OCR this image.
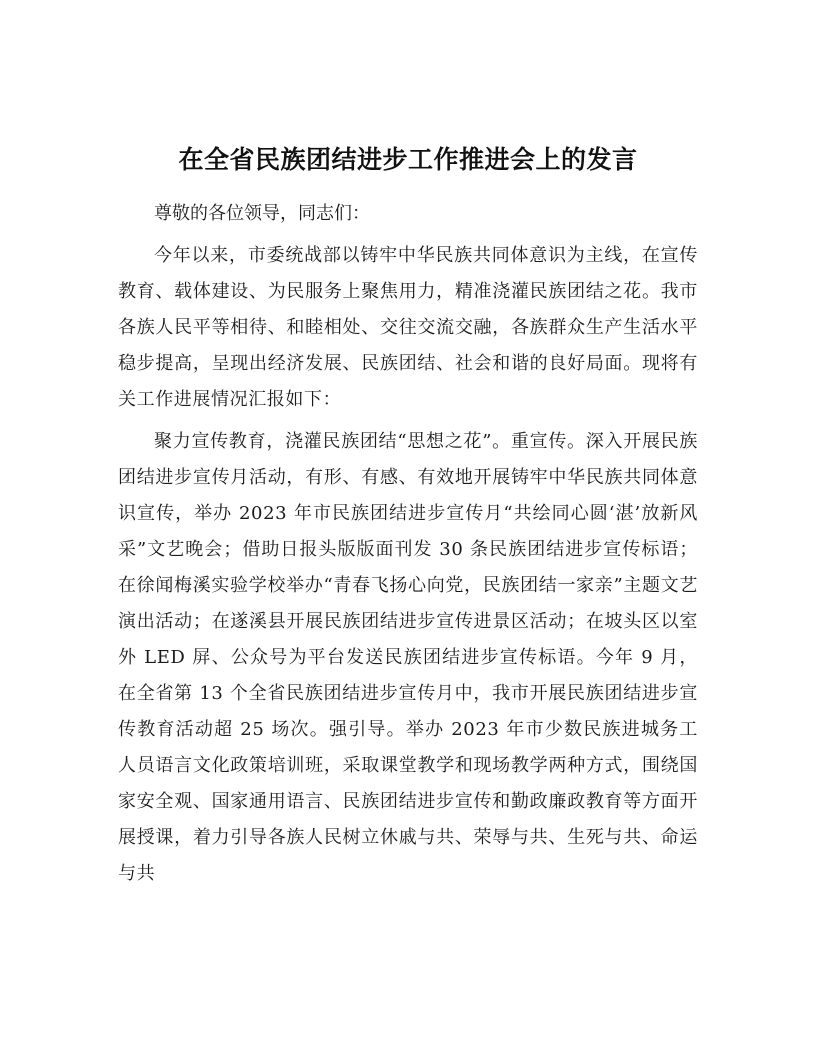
在全省民族团结进步工作推进会上的发言

尊敬的各位领导，同志们：

今年以来，市委统战部以铸牢中华民族共同体意识为主线，在宣传教育、载体建设、为民服务上聚焦用力，精准浇灌民族团结之花。我市各族人民平等相待、和睦相处、交往交流交融，各族群众生产生活水平稳步提高，呈现出经济发展、民族团结、社会和谐的良好局面。现将有关工作进展情况汇报如下：

聚力宣传教育，浇灌民族团结“思想之花”。重宣传。深入开展民族团结进步宣传月活动，有形、有感、有效地开展铸牢中华民族共同体意识宣传，举办 2023 年市民族团结进步宣传月“共绘同心圆‘湛’放新风采”文艺晚会；借助日报头版版面刊发 30 条民族团结进步宣传标语；在徐闻梅溪实验学校举办“青春飞扬心向党，民族团结一家亲”主题文艺演出活动；在遂溪县开展民族团结进步宣传进景区活动；在坡头区以室外 LED 屏、公众号为平台发送民族团结进步宣传标语。今年 9 月，在全省第 13 个全省民族团结进步宣传月中，我市开展民族团结进步宣传教育活动超 25 场次。强引导。举办 2023 年市少数民族进城务工人员语言文化政策培训班，采取课堂教学和现场教学两种方式，围绕国家安全观、国家通用语言、民族团结进步宣传和勤政廉政教育等方面开展授课，着力引导各族人民树立休戚与共、荣辱与共、生死与共、命运与共
